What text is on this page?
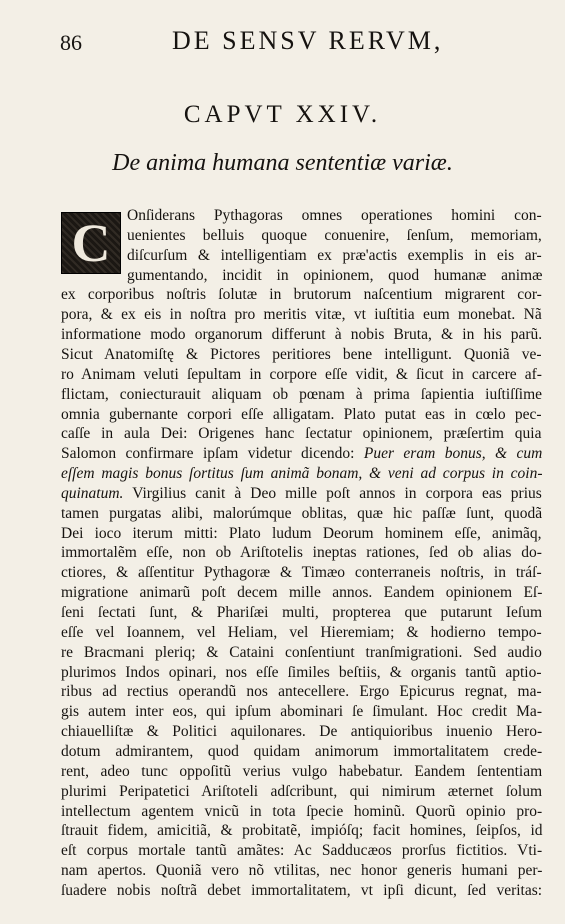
86	DE SENSV RERVM,
CAPVT XXIV.
De anima humana sententiæ variæ.
C	Onſiderans Pythagoras omnes operationes homini con-
uenientes belluis quoque conuenire, ſenſum, memoriam,
diſcurſum & intelligentiam ex præ'actis exemplis in eis ar-
gumentando, incidit in opinionem, quod humanæ animæ
ex corporibus noſtris ſolutæ in brutorum naſcentium migrarent cor-
pora, & ex eis in noſtra pro meritis vitæ, vt iuſtitia eum monebat. Nã
informatione modo organorum differunt à nobis Bruta, & in his parũ.
Sicut Anatomiſtę & Pictores peritiores bene intelligunt. Quoniã ve-
ro Animam veluti ſepultam in corpore eſſe vidit, & ſicut in carcere af-
flictam, coniecturauit aliquam ob pœnam à prima ſapientia iuſtiſſime
omnia gubernante corpori eſſe alligatam. Plato putat eas in cœlo pec-
caſſe in aula Dei: Origenes hanc ſectatur opinionem, præſertim quia
Salomon confirmare ipſam videtur dicendo: Puer eram bonus, & cum
eſſem magis bonus ſortitus ſum animã bonam, & veni ad corpus in coin-
quinatum. Virgilius canit à Deo mille poſt annos in corpora eas prius
tamen purgatas alibi, malorúmque oblitas, quæ hic paſſæ ſunt, quodã
Dei ioco iterum mitti: Plato ludum Deorum hominem eſſe, animãq,
immortalẽm eſſe, non ob Ariſtotelis ineptas rationes, ſed ob alias do-
ctiores, & aſſentitur Pythagoræ & Timæo conterraneis noſtris, in tráſ-
migratione animarũ poſt decem mille annos. Eandem opinionem Eſ-
ſeni ſectati ſunt, & Phariſæi multi, propterea que putarunt Ieſum
eſſe vel Ioannem, vel Heliam, vel Hieremiam; & hodierno tempo-
re Bracmani pleriq; & Cataini conſentiunt tranſmigrationi. Sed audio
plurimos Indos opinari, nos eſſe ſimiles beſtiis, & organis tantũ aptio-
ribus ad rectius operandũ nos antecellere. Ergo Epicurus regnat, ma-
gis autem inter eos, qui ipſum abominari ſe ſimulant. Hoc credit Ma-
chiauelliſtæ & Politici aquilonares. De antiquioribus inuenio Hero-
dotum admirantem, quod quidam animorum immortalitatem crede-
rent, adeo tunc oppoſitũ verius vulgo habebatur. Eandem ſententiam
plurimi Peripatetici Ariſtoteli adſcribunt, qui nimirum æternet ſolum
intellectum agentem vnicũ in tota ſpecie hominũ. Quorũ opinio pro-
ſtrauit fidem, amicitiã, & probitatẽ, impióſq; facit homines, ſeipſos, id
eſt corpus mortale tantũ amãtes: Ac Sadducæos prorſus fictitios. Vti-
nam apertos. Quoniã vero nõ vtilitas, nec honor generis humani per-
ſuadere nobis noſtrã debet immortalitatem, vt ipſi dicunt, ſed veritas:
